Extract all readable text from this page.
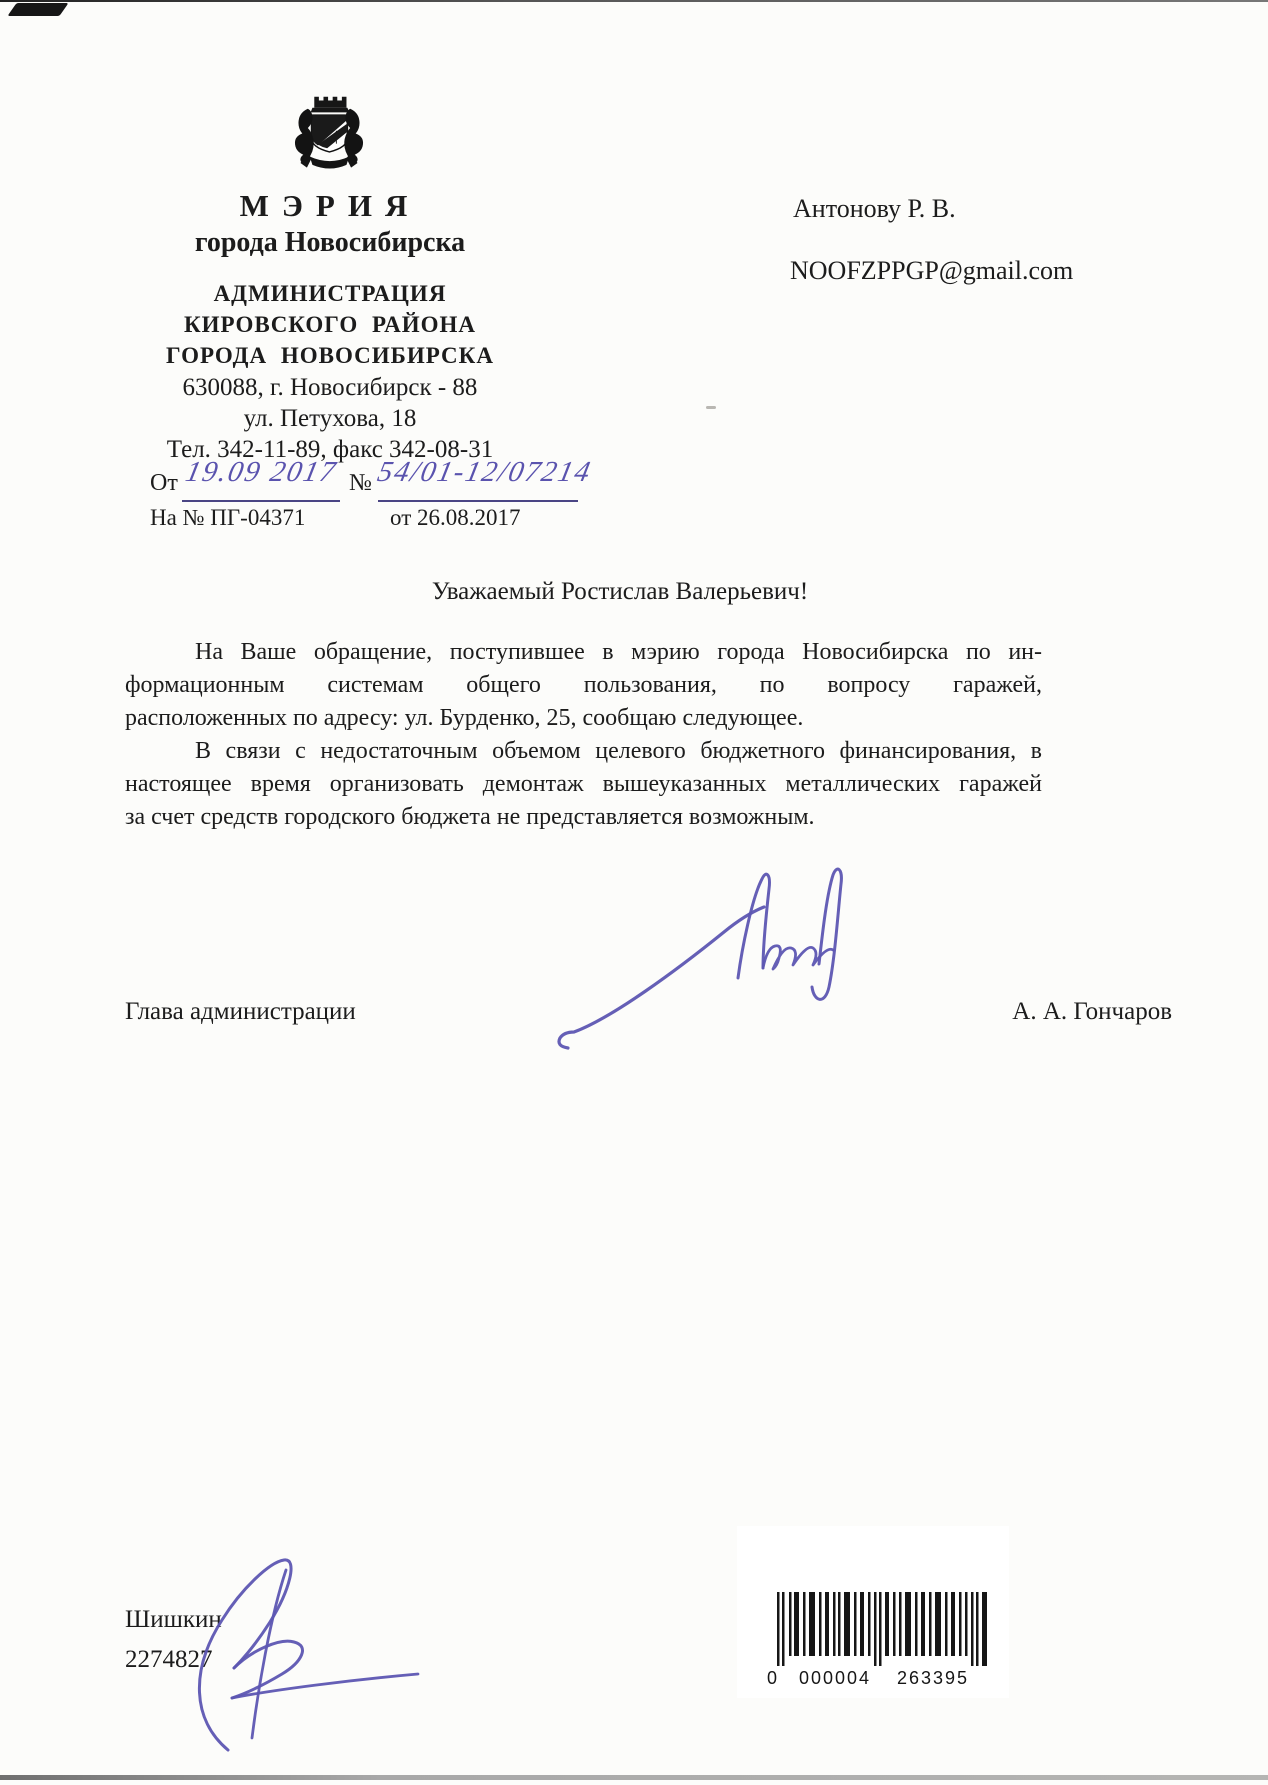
МЭРИЯ
города Новосибирска
АДМИНИСТРАЦИЯ
КИРОВСКОГО РАЙОНА
ГОРОДА НОВОСИБИРСКА
630088, г. Новосибирск - 88
ул. Петухова, 18
Тел. 342-11-89, факс 342-08-31
От 19.09 2017 № 54/01-12/07214
На № ПГ-04371	от 26.08.2017
Антонову Р. В.
NOOFZPPGP@gmail.com
Уважаемый Ростислав Валерьевич!
На Ваше обращение, поступившее в мэрию города Новосибирска по ин-
формационным системам общего пользования, по вопросу гаражей,
расположенных по адресу: ул. Бурденко, 25, сообщаю следующее.
В связи с недостаточным объемом целевого бюджетного финансирования, в
настоящее время организовать демонтаж вышеуказанных металлических гаражей
за счет средств городского бюджета не представляется возможным.
Глава администрации	А. А. Гончаров
Шишкин
2274827
0 000004 263395
